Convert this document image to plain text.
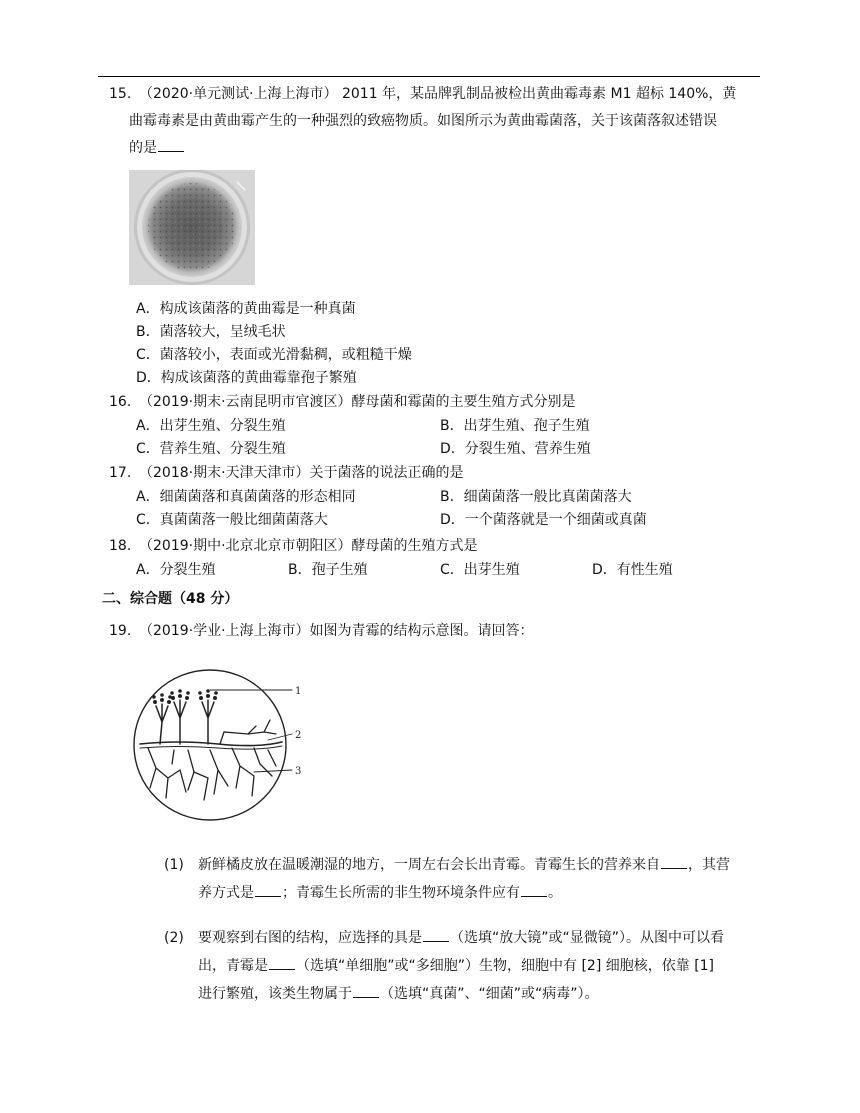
15. （2020·单元测试·上海上海市） 2011 年，某品牌乳制品被检出黄曲霉毒素 M1 超标 140%，黄
曲霉毒素是由黄曲霉产生的一种强烈的致癌物质。如图所示为黄曲霉菌落，关于该菌落叙述错误
的是
A．构成该菌落的黄曲霉是一种真菌
B．菌落较大，呈绒毛状
C．菌落较小，表面或光滑黏稠，或粗糙干燥
D．构成该菌落的黄曲霉靠孢子繁殖
16. （2019·期末·云南昆明市官渡区）酵母菌和霉菌的主要生殖方式分别是
A．出芽生殖、分裂生殖	B．出芽生殖、孢子生殖
C．营养生殖、分裂生殖	D．分裂生殖、营养生殖
17. （2018·期末·天津天津市）关于菌落的说法正确的是
A．细菌菌落和真菌菌落的形态相同	B．细菌菌落一般比真菌菌落大
C．真菌菌落一般比细菌菌落大	D．一个菌落就是一个细菌或真菌
18. （2019·期中·北京北京市朝阳区）酵母菌的生殖方式是
A．分裂生殖	B．孢子生殖	C．出芽生殖	D．有性生殖
二、综合题（48 分）
19. （2019·学业·上海上海市）如图为青霉的结构示意图。请回答：
1
2
3
(1)	新鲜橘皮放在温暖潮湿的地方，一周左右会长出青霉。青霉生长的营养来自 ，其营
养方式是 ；青霉生长所需的非生物环境条件应有 。
(2)	要观察到右图的结构，应选择的具是 （选填“放大镜”或“显微镜”）。从图中可以看
出，青霉是 （选填“单细胞”或“多细胞”）生物，细胞中有 [2] 细胞核，依靠 [1]
进行繁殖，该类生物属于 （选填“真菌”、“细菌”或“病毒”）。
